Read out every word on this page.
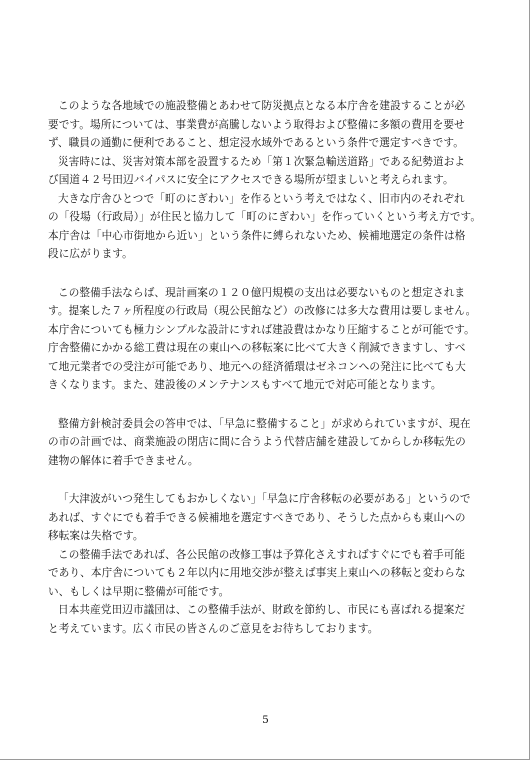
このような各地域での施設整備とあわせて防災拠点となる本庁舎を建設することが必
要です。場所については、事業費が高騰しないよう取得および整備に多額の費用を要せ
ず、職員の通勤に便利であること、想定浸水域外であるという条件で選定すべきです。
災害時には、災害対策本部を設置するため「第１次緊急輸送道路」である紀勢道およ
び国道４２号田辺バイパスに安全にアクセスできる場所が望ましいと考えられます。
大きな庁舎ひとつで「町のにぎわい」を作るという考えではなく、旧市内のそれぞれ
の「役場（行政局）」が住民と協力して「町のにぎわい」を作っていくという考え方です。
本庁舎は「中心市街地から近い」という条件に縛られないため、候補地選定の条件は格
段に広がります。
この整備手法ならば、現計画案の１２０億円規模の支出は必要ないものと想定されま
す。提案した７ヶ所程度の行政局（現公民館など）の改修には多大な費用は要しません。
本庁舎についても極力シンプルな設計にすれば建設費はかなり圧縮することが可能です。
庁舎整備にかかる総工費は現在の東山への移転案に比べて大きく削減できますし、すべ
て地元業者での受注が可能であり、地元への経済循環はゼネコンへの発注に比べても大
きくなります。また、建設後のメンテナンスもすべて地元で対応可能となります。
整備方針検討委員会の答申では、「早急に整備すること」が求められていますが、現在
の市の計画では、商業施設の閉店に間に合うよう代替店舗を建設してからしか移転先の
建物の解体に着手できません。
「大津波がいつ発生してもおかしくない」「早急に庁舎移転の必要がある」というので
あれば、すぐにでも着手できる候補地を選定すべきであり、そうした点からも東山への
移転案は失格です。
この整備手法であれば、各公民館の改修工事は予算化さえすればすぐにでも着手可能
であり、本庁舎についても２年以内に用地交渉が整えば事実上東山への移転と変わらな
い、もしくは早期に整備が可能です。
日本共産党田辺市議団は、この整備手法が、財政を節約し、市民にも喜ばれる提案だ
と考えています。広く市民の皆さんのご意見をお待ちしております。
5
